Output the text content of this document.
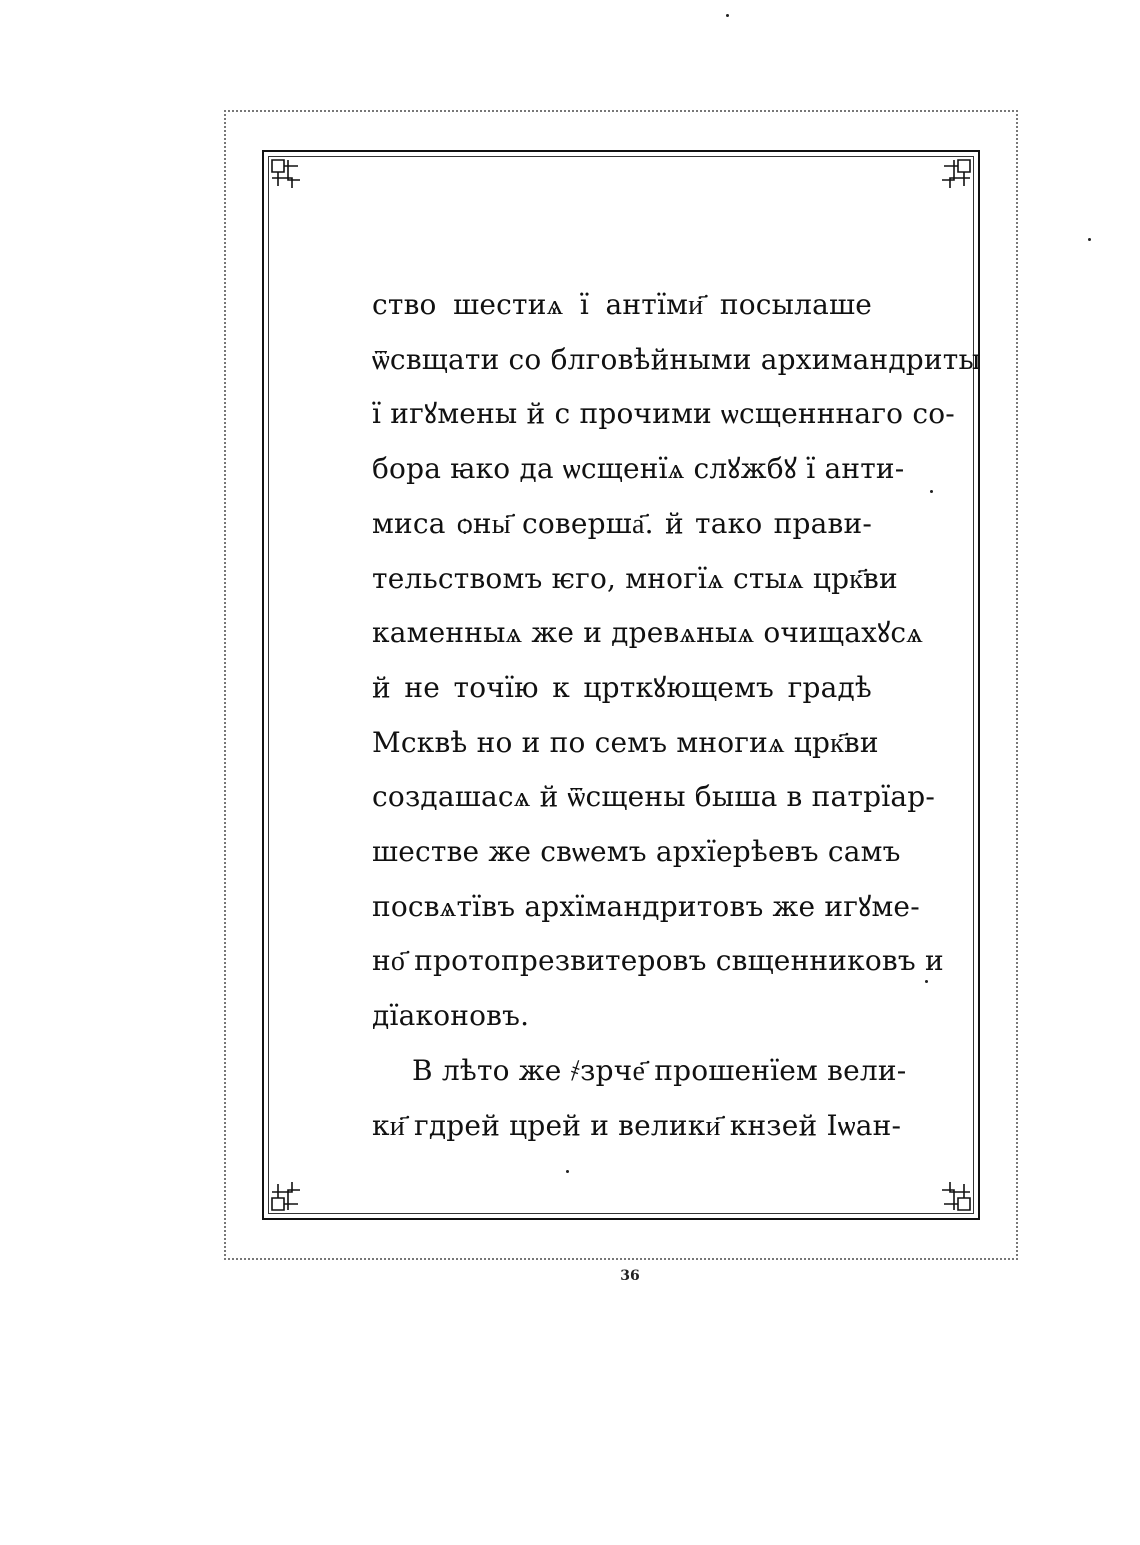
ство шестиѧ ї антїми҃ посылаше
ѿсвщати со блговѣйными архимандриты
ї игꙋмены й с прочими ѡсщенннаго со-
бора ꙗко да ѡсщенїѧ слꙋжбꙋ ї анти-
миса ѻны҃ соверша҃. й тако прави-
тельствомъ ѥго, многїѧ стыѧ црк҃ви
каменныѧ же и древѧныѧ очищахꙋсѧ
й не точїю к црткꙋющемъ градѣ
Мсквѣ но и по семъ многиѧ црк҃ви
создашасѧ й ѿсщены быша в патрїар-
шестве же свѡемъ архїерѣевъ самъ
посвѧтївъ архїмандритовъ же игꙋме-
но҃ протопрезвитеровъ свщенниковъ и
дїаконовъ.
В лѣто же ҂зрче҃ прошенїем вели-
ки҃ гдрей црей и велики҃ кнзей Іѡан-
36
